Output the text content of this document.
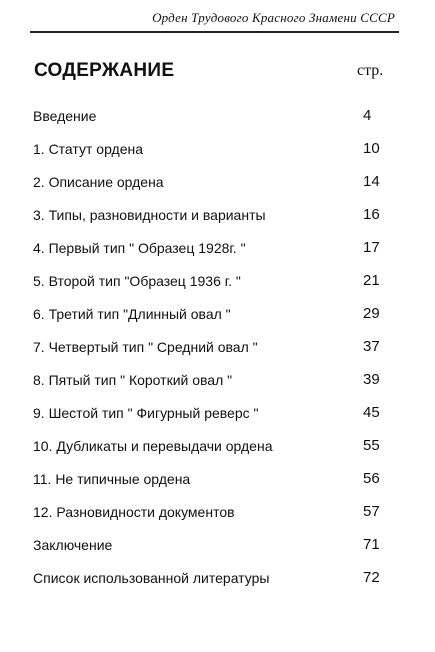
Орден Трудового Красного Знамени СССР
СОДЕРЖАНИЕ	стр.
Введение	4
1. Статут ордена	10
2. Описание ордена	14
3. Типы, разновидности и варианты	16
4. Первый тип " Образец 1928г. "	17
5. Второй тип "Образец 1936 г. "	21
6. Третий тип "Длинный овал "	29
7. Четвертый тип " Средний овал "	37
8. Пятый тип " Короткий овал "	39
9. Шестой тип " Фигурный реверс "	45
10. Дубликаты и перевыдачи ордена	55
11. Не типичные ордена	56
12. Разновидности документов	57
Заключение	71
Список использованной литературы	72
